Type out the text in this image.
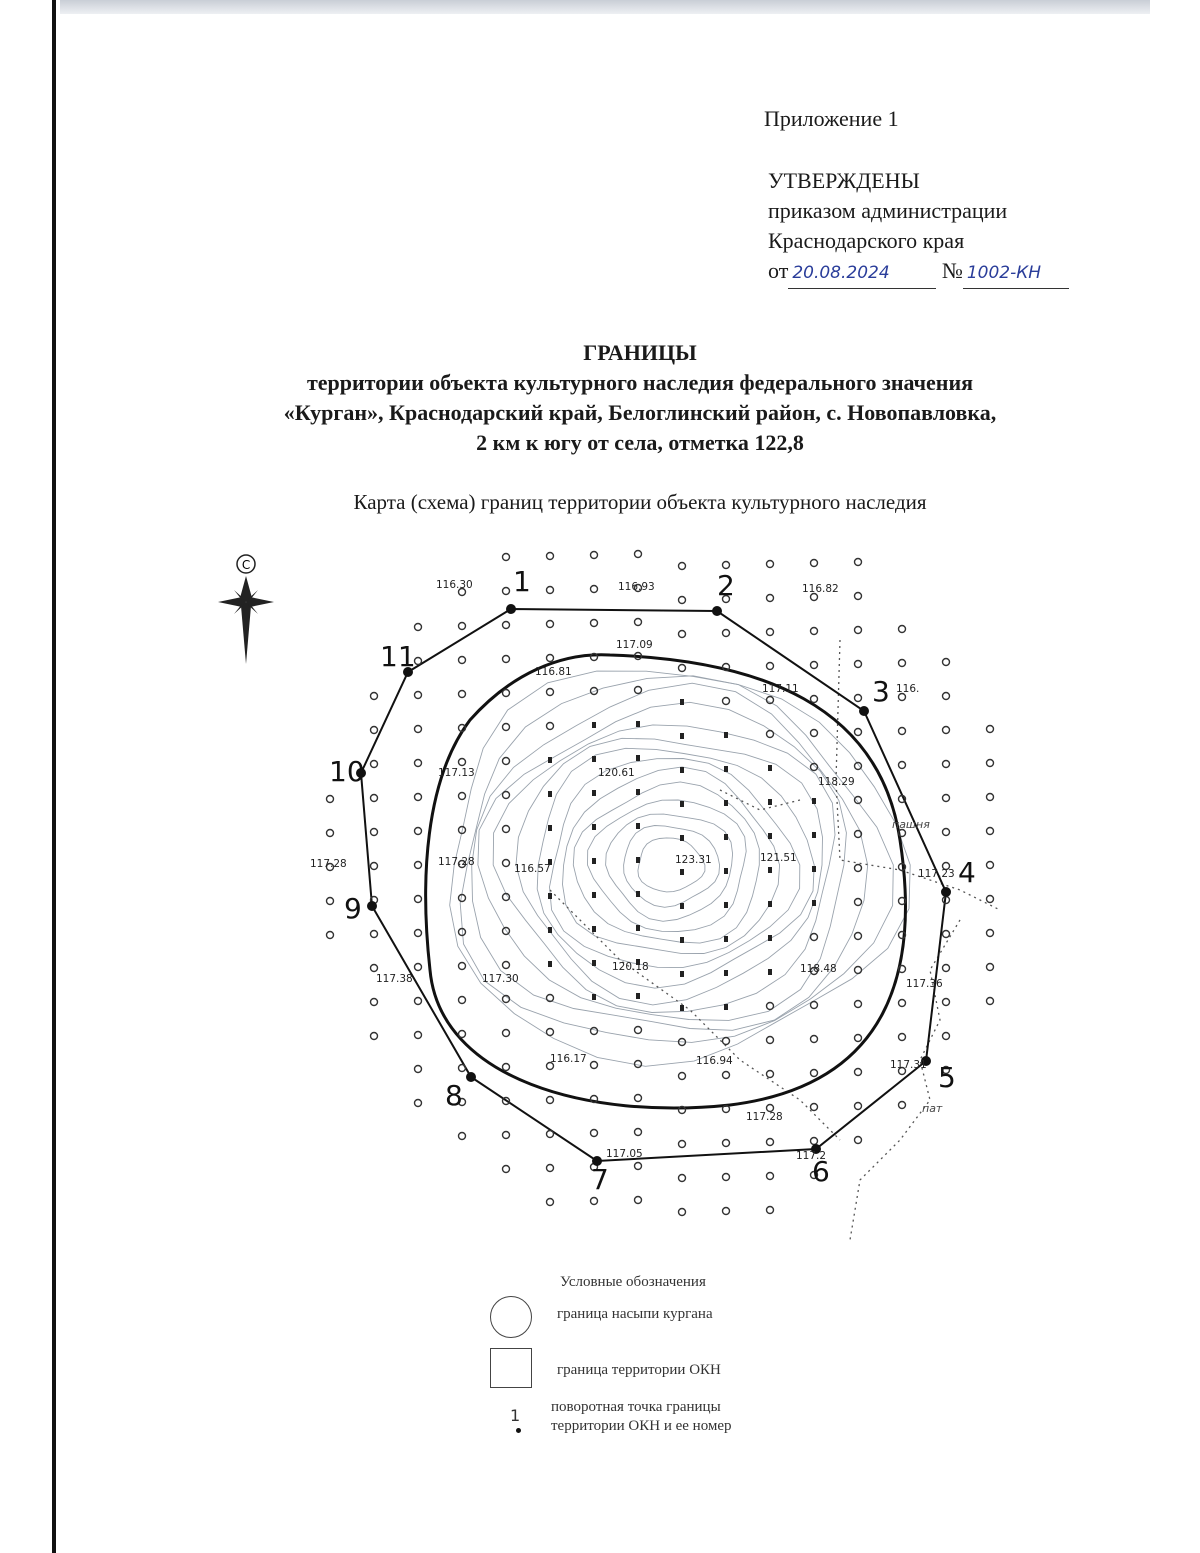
Приложение 1
УТВЕРЖДЕНЫ
приказом администрации
Краснодарского края
от 20.08.2024 № 1002-КН
ГРАНИЦЫ
территории объекта культурного наследия федерального значения
«Курган», Краснодарский край, Белоглинский район, с. Новопавловка,
2 км к югу от села, отметка 122,8
Карта (схема) границ территории объекта культурного наследия
С	1	2
3
4
5
6
7
8
9
10
11
116.30	116.93	116.82
117.09
116.81
117.11	116.
117.13	120.61
118.29
117.28
117.28	116.57
123.31	121.51
117.23
120.18	118.48
117.36
117.30
117.38
116.17	116.94	117.31
117.28
117.05	117.2
пашня
пат
Условные обозначения
граница насыпи кургана
граница территории ОКН
1 поворотная точка границы
территории ОКН и ее номер
